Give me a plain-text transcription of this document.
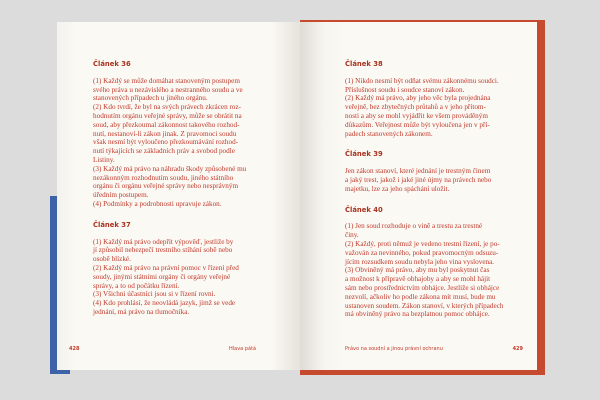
Článek 36

(1) Každý se může domáhat stanoveným postupem
svého práva u nezávislého a nestranného soudu a ve
stanovených případech u jiného orgánu.
(2) Kdo tvrdí, že byl na svých právech zkrácen roz-
hodnutím orgánu veřejné správy, může se obrátit na
soud, aby přezkoumal zákonnost takového rozhod-
nutí, nestanoví-li zákon jinak. Z pravomoci soudu
však nesmí být vyloučeno přezkoumávání rozhod-
nutí týkajících se základních práv a svobod podle
Listiny.
(3) Každý má právo na náhradu škody způsobené mu
nezákonným rozhodnutím soudu, jiného státního
orgánu či orgánu veřejné správy nebo nesprávným
úředním postupem.
(4) Podmínky a podrobnosti upravuje zákon.

Článek 37

(1) Každý má právo odepřít výpověď, jestliže by
jí způsobil nebezpečí trestního stíhání sobě nebo
osobě blízké.
(2) Každý má právo na právní pomoc v řízení před
soudy, jinými státními orgány či orgány veřejné
správy, a to od počátku řízení.
(3) Všichni účastníci jsou si v řízení rovni.
(4) Kdo prohlásí, že neovládá jazyk, jímž se vede
jednání, má právo na tlumočníka.

428	Hlava pátá
Článek 38

(1) Nikdo nesmí být odňat svému zákonnému soudci.
Příslušnost soudu i soudce stanoví zákon.
(2) Každý má právo, aby jeho věc byla projednána
veřejně, bez zbytečných průtahů a v jeho přítom-
nosti a aby se mohl vyjádřit ke všem prováděným
důkazům. Veřejnost může být vyloučena jen v pří-
padech stanovených zákonem.

Článek 39

Jen zákon stanoví, které jednání je trestným činem
a jaký trest, jakož i jaké jiné újmy na právech nebo
majetku, lze za jeho spáchání uložit.

Článek 40

(1) Jen soud rozhoduje o vině a trestu za trestné
činy.
(2) Každý, proti němuž je vedeno trestní řízení, je po-
važován za nevinného, pokud pravomocným odsuzu-
jícím rozsudkem soudu nebyla jeho vina vyslovena.
(3) Obviněný má právo, aby mu byl poskytnut čas
a možnost k přípravě obhajoby a aby se mohl hájit
sám nebo prostřednictvím obhájce. Jestliže si obhájce
nezvolí, ačkoliv ho podle zákona mít musí, bude mu
ustanoven soudem. Zákon stanoví, v kterých případech
má obviněný právo na bezplatnou pomoc obhájce.

Právo na soudní a jinou právní ochranu	429
